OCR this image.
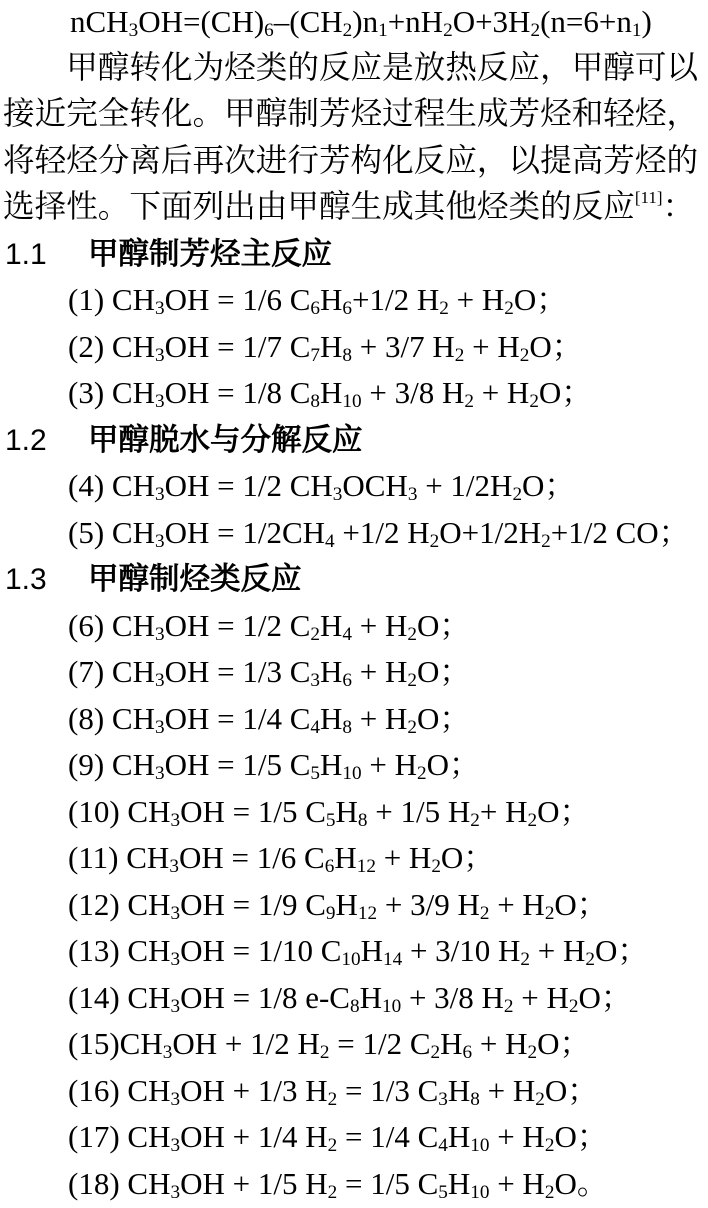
$nCH_3OH=(CH)_6-(CH_2)n_1+nH_2O+3H_2(n=6+n_1)$
甲醇转化为烃类的反应是放热反应，甲醇可以
接近完全转化。甲醇制芳烃过程生成芳烃和轻烃，
将轻烃分离后再次进行芳构化反应，以提高芳烃的
选择性。下面列出由甲醇生成其他烃类的反应[11]：
1.1 甲醇制芳烃主反应
(1) $CH_3OH = 1/6$ $C_6H_6+1/2$ $H_2 + H_2O$；
(2) $CH_3OH = 1/7$ $C_7H_8 + 3/7$ $H_2 + H_2O$；
(3) $CH_3OH = 1/8$ $C_8H_{10} + 3/8$ $H_2 + H_2O$；
1.2 甲醇脱水与分解反应
(4) $CH_3OH = 1/2$ $CH_3OCH_3 + 1/2H_2O$；
(5) $CH_3OH = 1/2CH_4 +1/2$ $H_2O+1/2H_2+1/2$ CO；
1.3 甲醇制烃类反应
(6) $CH_3OH = 1/2$ $C_2H_4 + H_2O$；
(7) $CH_3OH = 1/3$ $C_3H_6 + H_2O$；
(8) $CH_3OH = 1/4$ $C_4H_8 + H_2O$；
(9) $CH_3OH = 1/5$ $C_5H_{10} + H_2O$；
(10) $CH_3OH = 1/5$ $C_5H_8 + 1/5$ $H_2+ H_2O$；
(11) $CH_3OH = 1/6$ $C_6H_{12} + H_2O$；
(12) $CH_3OH = 1/9$ $C_9H_{12} + 3/9$ $H_2 + H_2O$；
(13) $CH_3OH = 1/10$ $C_{10}H_{14} + 3/10$ $H_2 + H_2O$；
(14) $CH_3OH = 1/8$ $e-C_8H_{10} + 3/8$ $H_2 + H_2O$；
$(15)CH_3OH + 1/2$ $H_2 = 1/2$ $C_2H_6 + H_2O$；
(16) $CH_3OH + 1/3$ $H_2 = 1/3$ $C_3H_8 + H_2O$；
(17) $CH_3OH + 1/4$ $H_2 = 1/4$ $C_4H_{10} + H_2O$；
(18) $CH_3OH + 1/5$ $H_2 = 1/5$ $C_5H_{10} + H_2O$。
